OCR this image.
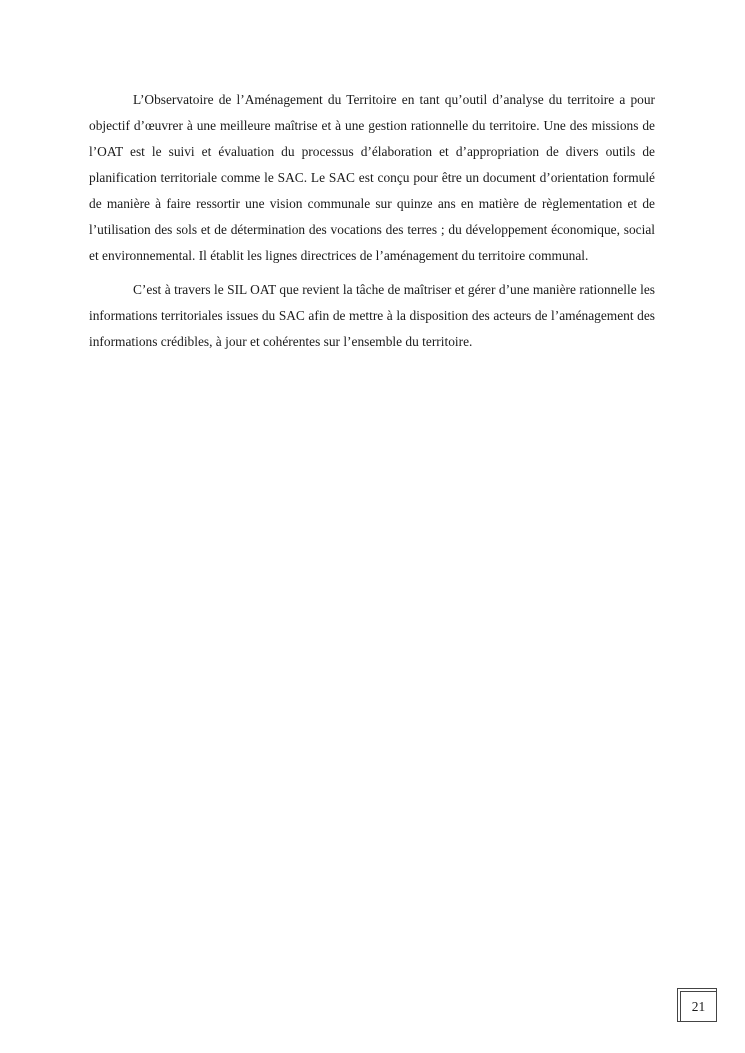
L’Observatoire de l’Aménagement du Territoire en tant qu’outil d’analyse du territoire a pour objectif d’œuvrer à une meilleure maîtrise et à une gestion rationnelle du territoire. Une des missions de l’OAT est le suivi et évaluation du processus d’élaboration et d’appropriation de divers outils de planification territoriale comme le SAC. Le SAC est conçu pour être un document d’orientation formulé de manière à faire ressortir une vision communale sur quinze ans en matière de règlementation et de l’utilisation des sols et de détermination des vocations des terres ; du développement économique, social et environnemental. Il établit les lignes directrices de l’aménagement du territoire communal.

C’est à travers le SIL OAT que revient la tâche de maîtriser et gérer d’une manière rationnelle les informations territoriales issues du SAC afin de mettre à la disposition des acteurs de l’aménagement des informations crédibles, à jour et cohérentes sur l’ensemble du territoire.

21
